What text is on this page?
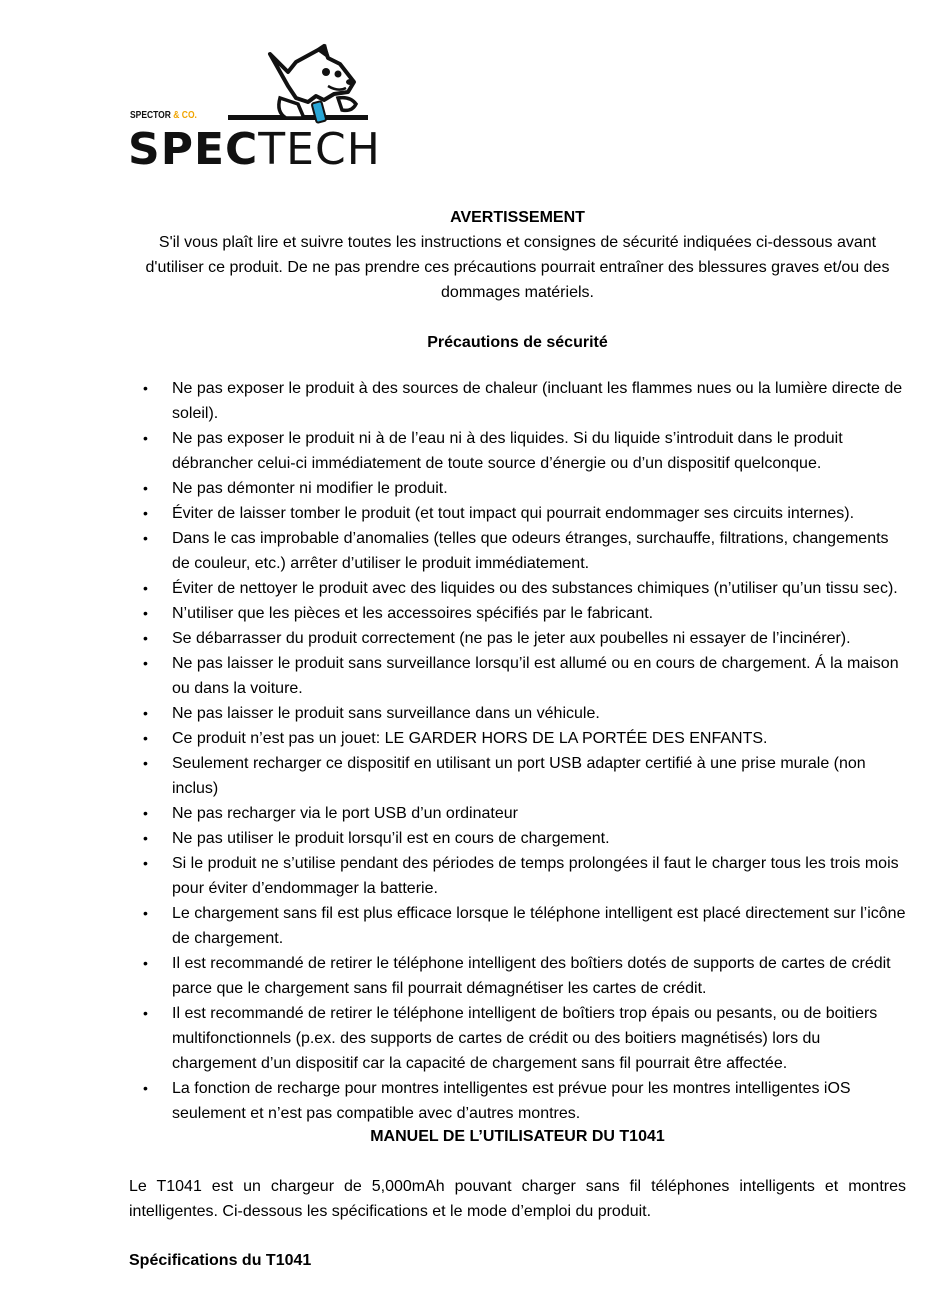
SPECTOR & CO.
SPECTECH
AVERTISSEMENT
S'il vous plaît lire et suivre toutes les instructions et consignes de sécurité indiquées ci-dessous avant d'utiliser ce produit. De ne pas prendre ces précautions pourrait entraîner des blessures graves et/ou des dommages matériels.
Précautions de sécurité
• Ne pas exposer le produit à des sources de chaleur (incluant les flammes nues ou la lumière directe de soleil).
• Ne pas exposer le produit ni à de l’eau ni à des liquides. Si du liquide s’introduit dans le produit débrancher celui-ci immédiatement de toute source d’énergie ou d’un dispositif quelconque.
• Ne pas démonter ni modifier le produit.
• Éviter de laisser tomber le produit (et tout impact qui pourrait endommager ses circuits internes).
• Dans le cas improbable d’anomalies (telles que odeurs étranges, surchauffe, filtrations, changements de couleur, etc.) arrêter d’utiliser le produit immédiatement.
• Éviter de nettoyer le produit avec des liquides ou des substances chimiques (n’utiliser qu’un tissu sec).
• N’utiliser que les pièces et les accessoires spécifiés par le fabricant.
• Se débarrasser du produit correctement (ne pas le jeter aux poubelles ni essayer de l’incinérer).
• Ne pas laisser le produit sans surveillance lorsqu’il est allumé ou en cours de chargement. Á la maison ou dans la voiture.
• Ne pas laisser le produit sans surveillance dans un véhicule.
• Ce produit n’est pas un jouet: LE GARDER HORS DE LA PORTÉE DES ENFANTS.
• Seulement recharger ce dispositif en utilisant un port USB adapter certifié à une prise murale (non inclus)
• Ne pas recharger via le port USB d’un ordinateur
• Ne pas utiliser le produit lorsqu’il est en cours de chargement.
• Si le produit ne s’utilise pendant des périodes de temps prolongées il faut le charger tous les trois mois pour éviter d’endommager la batterie.
• Le chargement sans fil est plus efficace lorsque le téléphone intelligent est placé directement sur l’icône de chargement.
• Il est recommandé de retirer le téléphone intelligent des boîtiers dotés de supports de cartes de crédit parce que le chargement sans fil pourrait démagnétiser les cartes de crédit.
• Il est recommandé de retirer le téléphone intelligent de boîtiers trop épais ou pesants, ou de boitiers multifonctionnels (p.ex. des supports de cartes de crédit ou des boitiers magnétisés) lors du chargement d’un dispositif car la capacité de chargement sans fil pourrait être affectée.
• La fonction de recharge pour montres intelligentes est prévue pour les montres intelligentes iOS seulement et n’est pas compatible avec d’autres montres.
MANUEL DE L’UTILISATEUR DU T1041
Le T1041 est un chargeur de 5,000mAh pouvant charger sans fil téléphones intelligents et montres intelligentes. Ci-dessous les spécifications et le mode d’emploi du produit.
Spécifications du T1041
